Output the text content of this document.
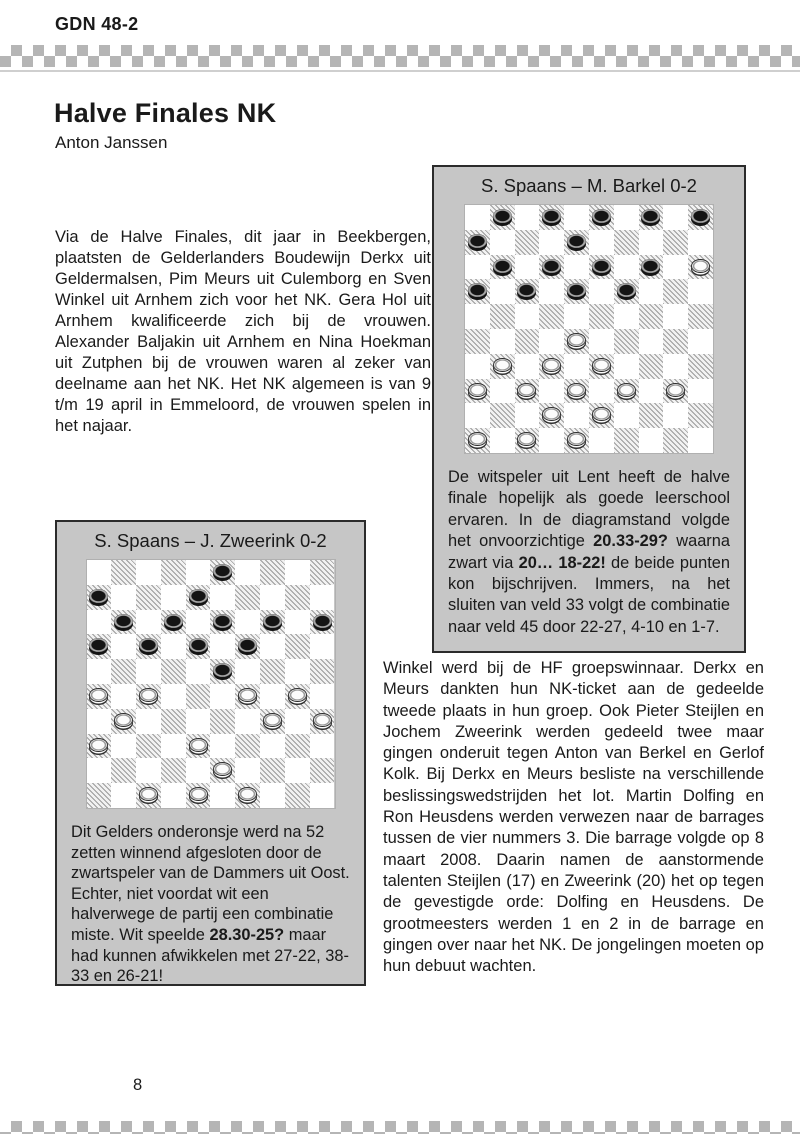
GDN 48-2
Halve Finales NK
Anton Janssen

Via de Halve Finales, dit jaar in Beekbergen, plaatsten de Gelderlanders Boudewijn Derkx uit Geldermalsen, Pim Meurs uit Culemborg en Sven Winkel uit Arnhem zich voor het NK. Gera Hol uit Arnhem kwalificeerde zich bij de vrouwen. Alexander Baljakin uit Arnhem en Nina Hoekman uit Zutphen bij de vrouwen waren al zeker van deelname aan het NK. Het NK algemeen is van 9 t/m 19 april in Emmeloord, de vrouwen spelen in het najaar.

S. Spaans – M. Barkel 0-2

De witspeler uit Lent heeft de halve finale hopelijk als goede leerschool ervaren. In de diagramstand volgde het onvoorzichtige 20.33-29? waarna zwart via 20… 18-22! de beide punten kon bijschrijven. Immers, na het sluiten van veld 33 volgt de combinatie naar veld 45 door 22-27, 4-10 en 1-7.

S. Spaans – J. Zweerink 0-2

Dit Gelders onderonsje werd na 52 zetten winnend afgesloten door de zwartspeler van de Dammers uit Oost. Echter, niet voordat wit een halverwege de partij een combinatie miste. Wit speelde 28.30-25? maar had kunnen afwikkelen met 27-22, 38-33 en 26-21!

Winkel werd bij de HF groepswinnaar. Derkx en Meurs dankten hun NK-ticket aan de gedeelde tweede plaats in hun groep. Ook Pieter Steijlen en Jochem Zweerink werden gedeeld twee maar gingen onderuit tegen Anton van Berkel en Gerlof Kolk. Bij Derkx en Meurs besliste na verschillende beslissingswedstrijden het lot. Martin Dolfing en Ron Heusdens werden verwezen naar de barrages tussen de vier nummers 3. Die barrage volgde op 8 maart 2008. Daarin namen de aanstormende talenten Steijlen (17) en Zweerink (20) het op tegen de gevestigde orde: Dolfing en Heusdens. De grootmeesters werden 1 en 2 in de barrage en gingen over naar het NK. De jongelingen moeten op hun debuut wachten.

8
